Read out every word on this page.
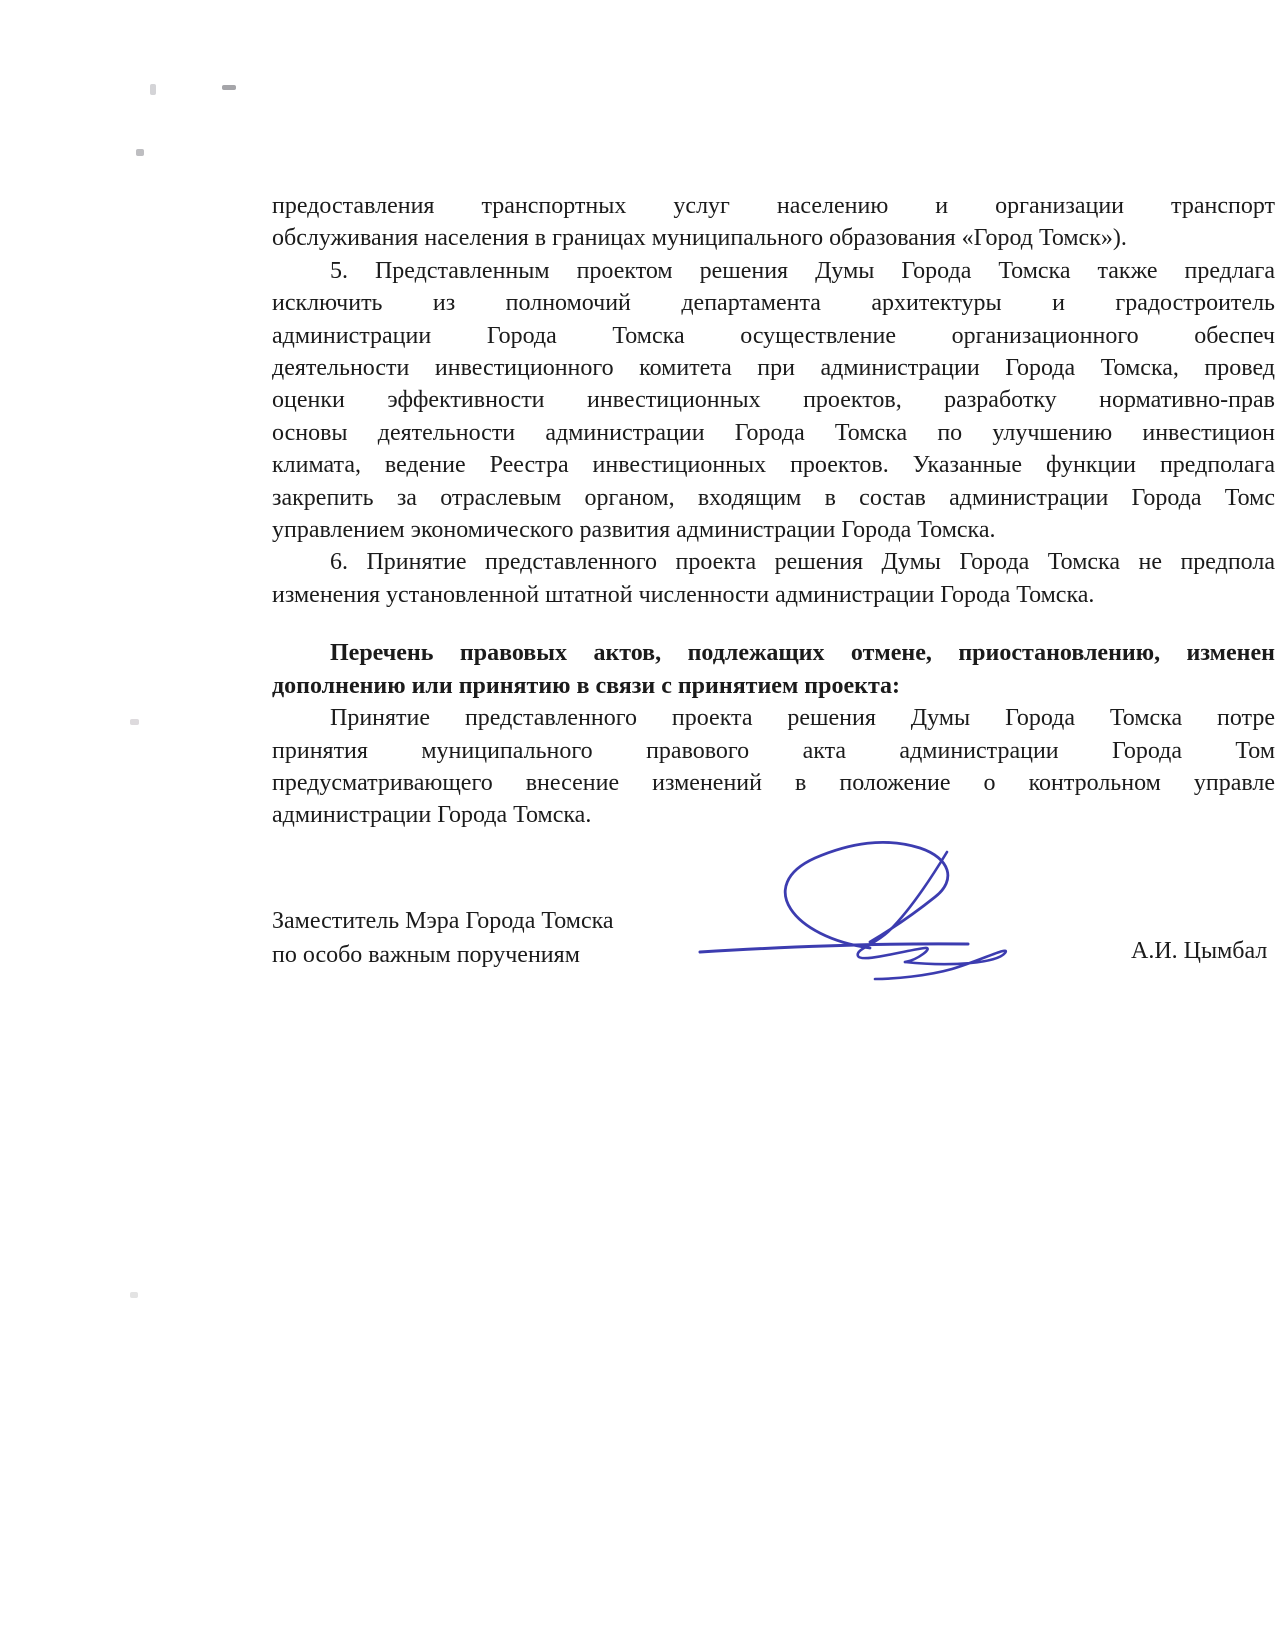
предоставления транспортных услуг населению и организации транспорт
обслуживания населения в границах муниципального образования «Город Томск»).
5. Представленным проектом решения Думы Города Томска также предлага
исключить из полномочий департамента архитектуры и градостроитель
администрации Города Томска осуществление организационного обеспеч
деятельности инвестиционного комитета при администрации Города Томска, провед
оценки эффективности инвестиционных проектов, разработку нормативно-прав
основы деятельности администрации Города Томска по улучшению инвестицион
климата, ведение Реестра инвестиционных проектов. Указанные функции предполага
закрепить за отраслевым органом, входящим в состав администрации Города Томс
управлением экономического развития администрации Города Томска.
6. Принятие представленного проекта решения Думы Города Томска не предпола
изменения установленной штатной численности администрации Города Томска.
Перечень правовых актов, подлежащих отмене, приостановлению, изменен
дополнению или принятию в связи с принятием проекта:
Принятие представленного проекта решения Думы Города Томска потре
принятия муниципального правового акта администрации Города Том
предусматривающего внесение изменений в положение о контрольном управле
администрации Города Томска.
Заместитель Мэра Города Томска
по особо важным поручениям	А.И. Цымбал
